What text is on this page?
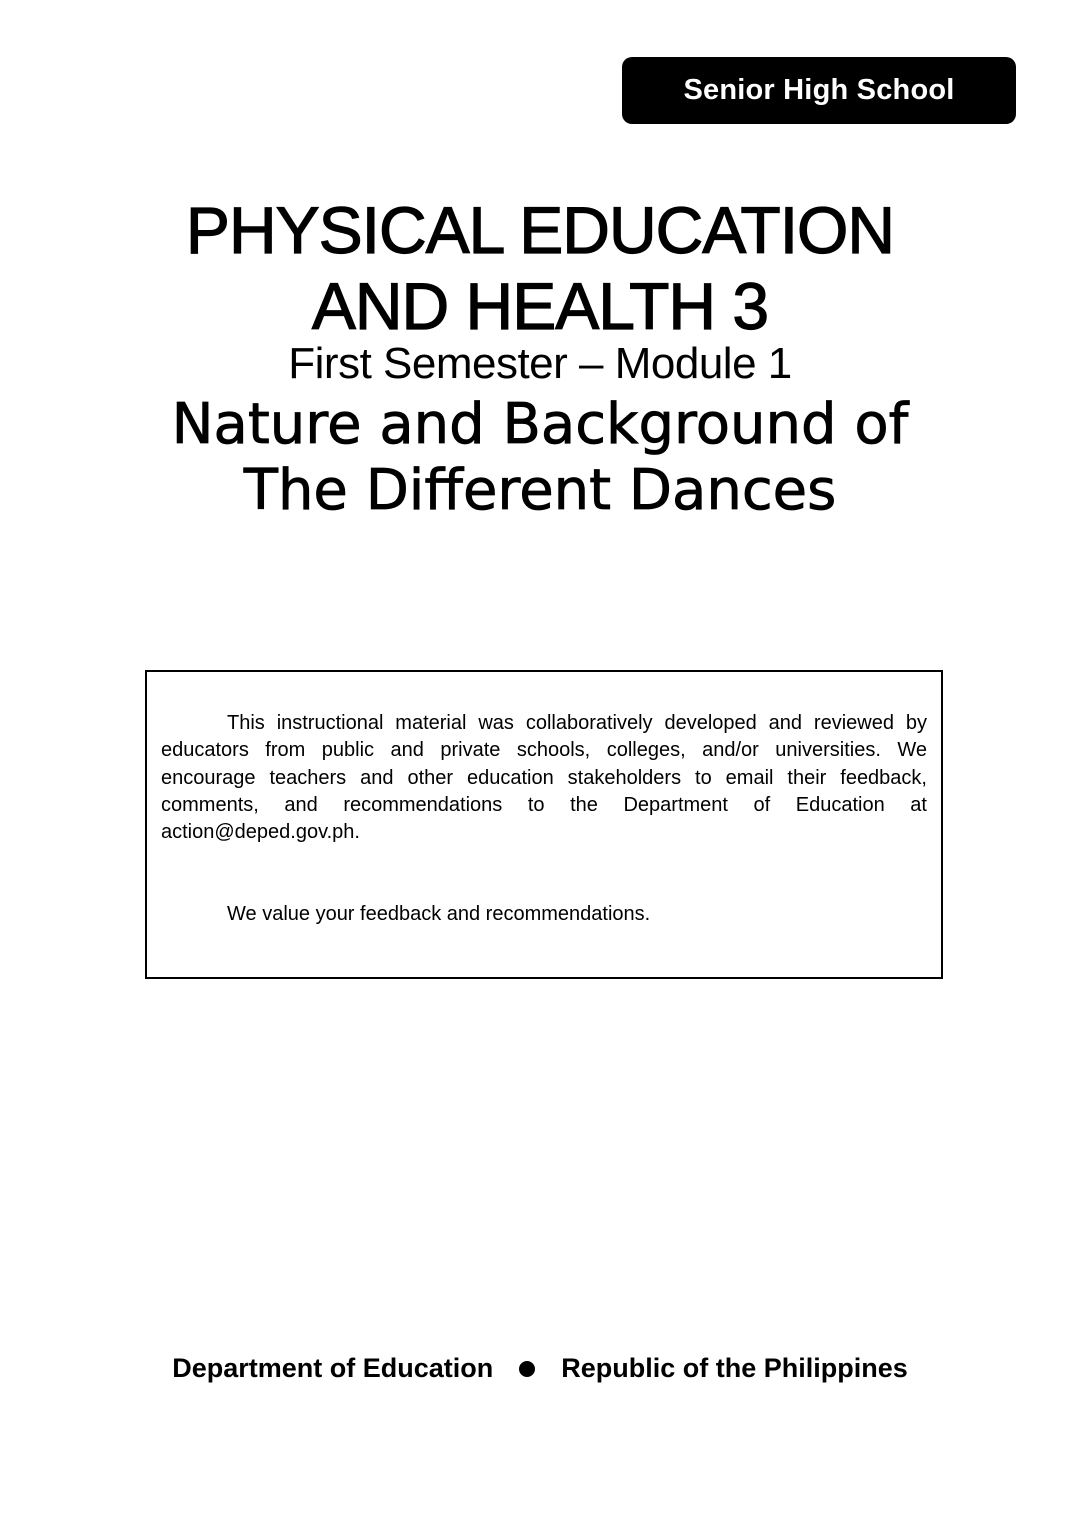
Senior High School
PHYSICAL EDUCATION
AND HEALTH 3
First Semester – Module 1
Nature and Background of
The Different Dances

This instructional material was collaboratively developed and reviewed by educators from public and private schools, colleges, and/or universities. We encourage teachers and other education stakeholders to email their feedback, comments, and recommendations to the Department of Education at action@deped.gov.ph.

We value your feedback and recommendations.

Department of Education	Republic of the Philippines
